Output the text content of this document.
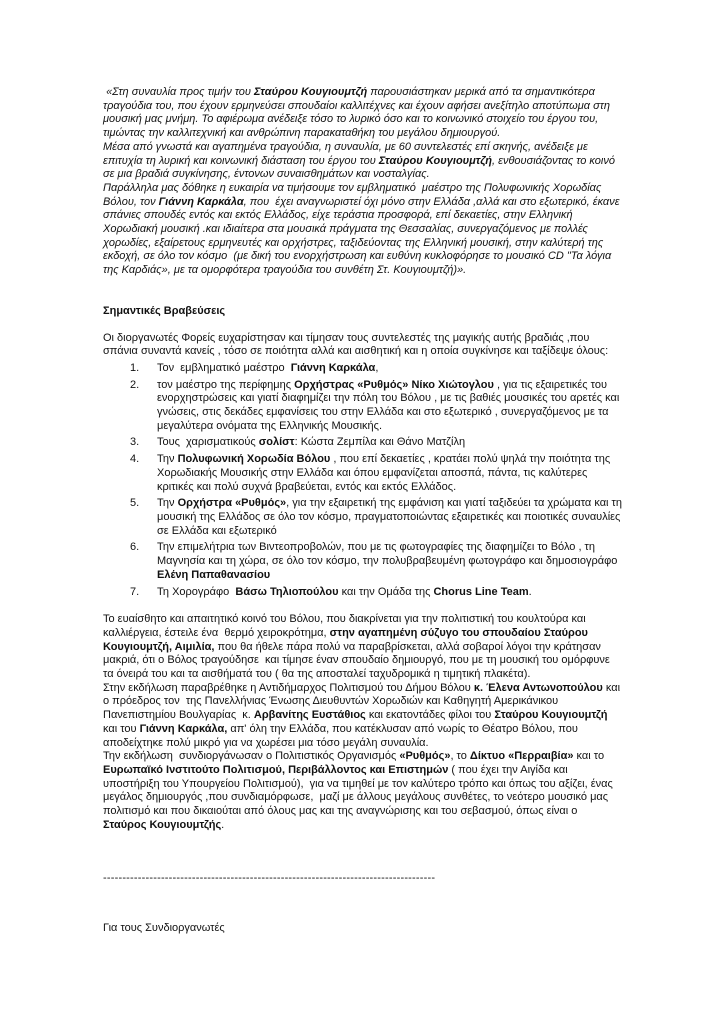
«Στη συναυλία προς τιμήν του Σταύρου Κουγιουμτζή παρουσιάστηκαν μερικά από τα σημαντικότερα τραγούδια του, που έχουν ερμηνεύσει σπουδαίοι καλλιτέχνες και έχουν αφήσει ανεξίτηλο αποτύπωμα στη μουσική μας μνήμη. Το αφιέρωμα ανέδειξε τόσο το λυρικό όσο και το κοινωνικό στοιχείο του έργου του, τιμώντας την καλλιτεχνική και ανθρώπινη παρακαταθήκη του μεγάλου δημιουργού.

Μέσα από γνωστά και αγαπημένα τραγούδια, η συναυλία, με 60 συντελεστές επί σκηνής, ανέδειξε με επιτυχία τη λυρική και κοινωνική διάσταση του έργου του Σταύρου Κουγιουμτζή, ενθουσιάζοντας το κοινό σε μια βραδιά συγκίνησης, έντονων συναισθημάτων και νοσταλγίας.

Παράλληλα μας δόθηκε η ευκαιρία να τιμήσουμε τον εμβληματικό  μαέστρο της Πολυφωνικής Χορωδίας Βόλου, τον Γιάννη Καρκάλα, που  έχει αναγνωριστεί όχι μόνο στην Ελλάδα ,αλλά και στο εξωτερικό, έκανε  σπάνιες σπουδές εντός και εκτός Ελλάδος, είχε τεράστια προσφορά, επί δεκαετίες, στην Ελληνική Χορωδιακή μουσική .και ιδιαίτερα στα μουσικά πράγματα της Θεσσαλίας, συνεργαζόμενος με πολλές χορωδίες, εξαίρετους ερμηνευτές και ορχήστρες, ταξιδεύοντας της Ελληνική μουσική, στην καλύτερή της εκδοχή, σε όλο τον κόσμο  (με δική του ενορχήστρωση και ευθύνη κυκλοφόρησε το μουσικό CD "Τα λόγια της Καρδιάς», με τα ομορφότερα τραγούδια του συνθέτη Στ. Κουγιουμτζή)».

Σημαντικές Βραβεύσεις

Οι διοργανωτές Φορείς ευχαρίστησαν και τίμησαν τους συντελεστές της μαγικής αυτής βραδιάς ,που σπάνια συναντά κανείς , τόσο σε ποιότητα αλλά και αισθητική και η οποία συγκίνησε και ταξίδεψε όλους:

1. Τον  εμβληματικό μαέστρο  Γιάννη Καρκάλα,

2. τον μαέστρο της περίφημης Ορχήστρας «Ρυθμός» Νίκο Χιώτογλου , για τις εξαιρετικές του ενορχηστρώσεις και γιατί διαφημίζει την πόλη του Βόλου , με τις βαθιές μουσικές του αρετές και γνώσεις, στις δεκάδες εμφανίσεις του στην Ελλάδα και στο εξωτερικό , συνεργαζόμενος με τα μεγαλύτερα ονόματα της Ελληνικής Μουσικής.

3. Τους  χαρισματικούς σολίστ: Κώστα Ζεμπίλα και Θάνο Ματζίλη

4. Την Πολυφωνική Χορωδία Βόλου , που επί δεκαετίες , κρατάει πολύ ψηλά την ποιότητα της Χορωδιακής Μουσικής στην Ελλάδα και όπου εμφανίζεται αποσπά, πάντα, τις καλύτερες κριτικές και πολύ συχνά βραβεύεται, εντός και εκτός Ελλάδος.

5. Την Ορχήστρα «Ρυθμός», για την εξαιρετική της εμφάνιση και γιατί ταξιδεύει τα χρώματα και τη μουσική της Ελλάδος σε όλο τον κόσμο, πραγματοποιώντας εξαιρετικές και ποιοτικές συναυλίες σε Ελλάδα και εξωτερικό

6. Την επιμελήτρια των Βιντεοπροβολών, που με τις φωτογραφίες της διαφημίζει το Βόλο , τη Μαγνησία και τη χώρα, σε όλο τον κόσμο, την πολυβραβευμένη φωτογράφο και δημοσιογράφο Ελένη Παπαθανασίου

7. Τη Χορογράφο  Βάσω Τηλιοπούλου και την Ομάδα της Chorus Line Team.

Το ευαίσθητο και απαιτητικό κοινό του Βόλου, που διακρίνεται για την πολιτιστική του κουλτούρα και καλλιέργεια, έστειλε ένα  θερμό χειροκρότημα, στην αγαπημένη σύζυγο του σπουδαίου Σταύρου Κουγιουμτζή, Αιμιλία, που θα ήθελε πάρα πολύ να παραβρίσκεται, αλλά σοβαροί λόγοι την κράτησαν μακριά, ότι ο Βόλος τραγούδησε  και τίμησε έναν σπουδαίο δημιουργό, που με τη μουσική του ομόρφυνε τα όνειρά του και τα αισθήματά του ( θα της αποσταλεί ταχυδρομικά η τιμητική πλακέτα).

Στην εκδήλωση παραβρέθηκε η Αντιδήμαρχος Πολιτισμού του Δήμου Βόλου κ. Έλενα Αντωνοπούλου και ο πρόεδρος τον  της Πανελλήνιας Ένωσης Διευθυντών Χορωδιών και Καθηγητή Αμερικάνικου Πανεπιστημίου Βουλγαρίας  κ. Αρβανίτης Ευστάθιος και εκατοντάδες φίλοι του Σταύρου Κουγιουμτζή και του Γιάννη Καρκάλα, απ' όλη την Ελλάδα, που κατέκλυσαν από νωρίς το Θέατρο Βόλου, που αποδείχτηκε πολύ μικρό για να χωρέσει μια τόσο μεγάλη συναυλία.

Την εκδήλωση  συνδιοργάνωσαν ο Πολιτιστικός Οργανισμός «Ρυθμός», το Δίκτυο «Περραιβία» και το Ευρωπαϊκό Ινστιτούτο Πολιτισμού, Περιβάλλοντος και Επιστημών ( που έχει την Αιγίδα και υποστήριξη του Υπουργείου Πολιτισμού),  για να τιμηθεί με τον καλύτερο τρόπο και όπως του αξίζει, ένας μεγάλος δημιουργός ,που συνδιαμόρφωσε,  μαζί με άλλους μεγάλους συνθέτες, το νεότερο μουσικό μας πολιτισμό και που δικαιούται από όλους μας και της αναγνώρισης και του σεβασμού, όπως είναι ο Σταύρος Κουγιουμτζής.

--------------------------------------------------------------------------------------

Για τους Συνδιοργανωτές
